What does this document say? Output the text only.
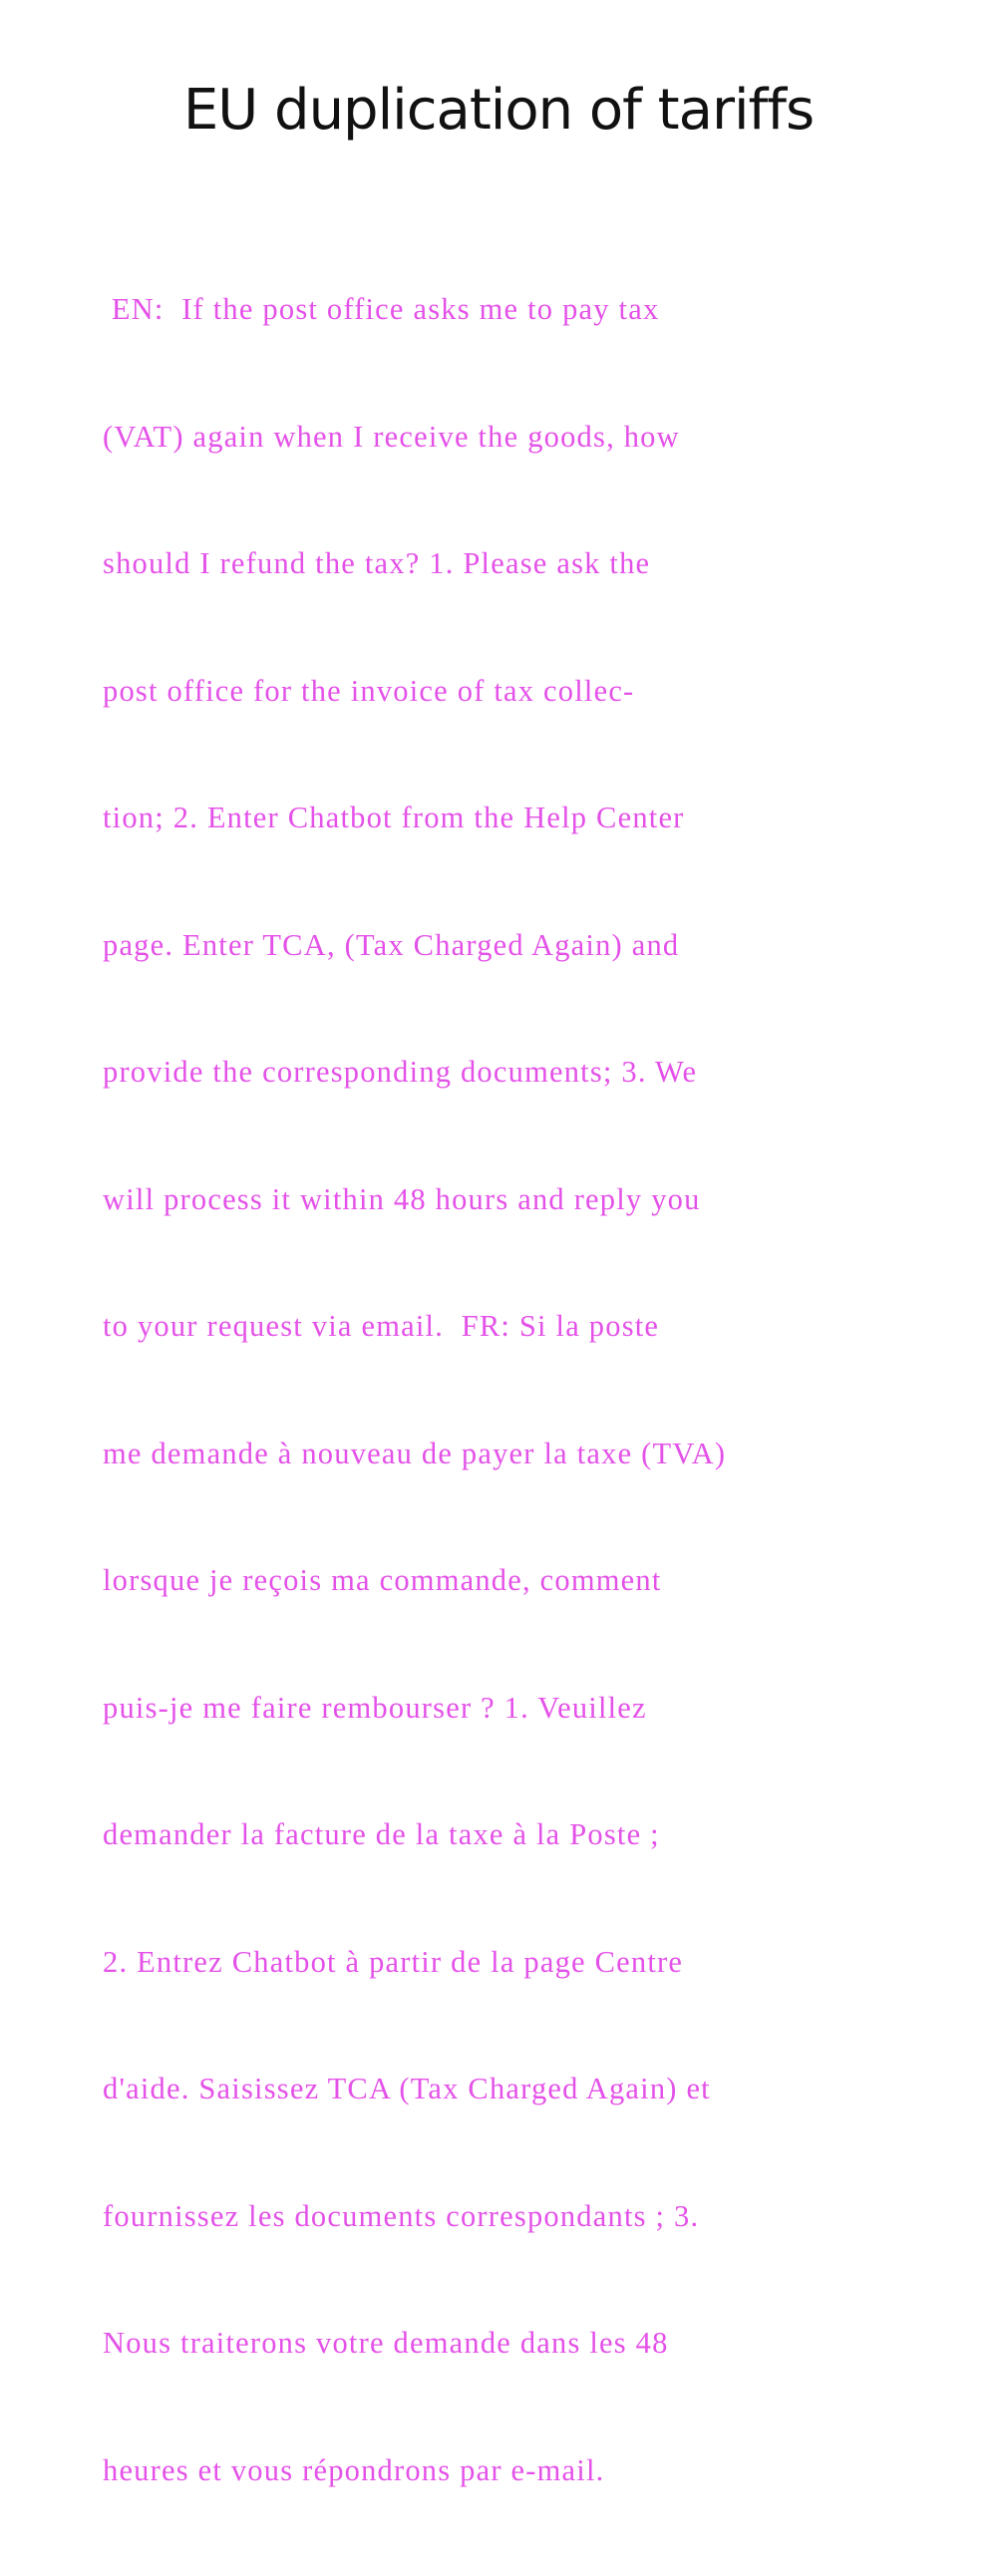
EU duplication of tariffs

EN:  If the post office asks me to pay tax

(VAT) again when I receive the goods, how

should I refund the tax? 1. Please ask the

post office for the invoice of tax collec-

tion; 2. Enter Chatbot from the Help Center

page. Enter TCA, (Tax Charged Again) and

provide the corresponding documents; 3. We

will process it within 48 hours and reply you

to your request via email.  FR: Si la poste

me demande à nouveau de payer la taxe (TVA)

lorsque je reçois ma commande, comment

puis-je me faire rembourser ? 1. Veuillez

demander la facture de la taxe à la Poste ;

2. Entrez Chatbot à partir de la page Centre

d'aide. Saisissez TCA (Tax Charged Again) et

fournissez les documents correspondants ; 3.

Nous traiterons votre demande dans les 48

heures et vous répondrons par e-mail.
